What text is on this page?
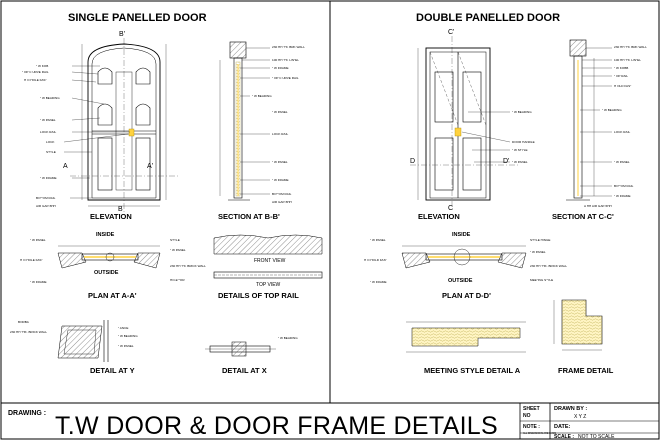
SINGLE PANELLED DOOR	DOUBLE PANELLED DOOR
ELEVATION	SECTION AT B-B'
PLAN AT A-A'	DETAILS OF TOP RAIL
DETAIL AT Y	DETAIL AT X
ELEVATION	SECTION AT C-C'
PLAN AT D-D'
MEETING STYLE DETAIL A	FRAME DETAIL
B'
B
A	A'
C'
C
D	D'
INSIDE
OUTSIDE
INSIDE
OUTSIDE
FRONT VIEW
TOP VIEW
" W KOB
" OP C URVE RAIL
H O HOLE FAS"
" W BEADING
" W PANEL
LOCK RAIL
LOCK
STYLE
" W FRAME
BO""OM RAIL
AIR GAP-5HH
230 HH "HI. BRK WALL
100 HH "HI. LIN"EL
" W FRAME
" OP C URVE RAIL
" W BEADING
" W PANEL
LOCK RAIL
" W PANEL
" W FRAME
BO""OM RAIL
AIR GAP-5HH
" W PANEL
H O HOLE FAS"
" W FRAME
STYLE
" W PANEL
230 HH "HI. BRICK WALL
HO-E""OR
BORBA
230 HH "HK. BRICK WALL
" ANCE
" W BEADING
" W PANEL
" W BEADING
" W BEADING
DOOR HANDLE
" W STYLE
" W PANEL
230 HH "HI. BRK WALL
100 HH "HI. LIN"EL
" W KOBB
" OP RAIL
H OLD FAS"
" W BEADING
LOCK RAIL
" W PANEL
BO""OM RAIL
" W FRAME
A HH AIR GAP-5HH
" W PANEL
H O HOLD FAS"
" W FRAME
STYLE HINGE
" W PANEL
230 HH "HK. BRICK WALL
MEE"ING S"YLE
DRAWING : T.W DOOR & DOOR FRAME DETAILS
SHEET
NO
DRAWN BY :
X Y Z
NOTE :
ALL DIMENSIONS ARE IN MM
DATE:
SCALE : NOT TO SCALE
